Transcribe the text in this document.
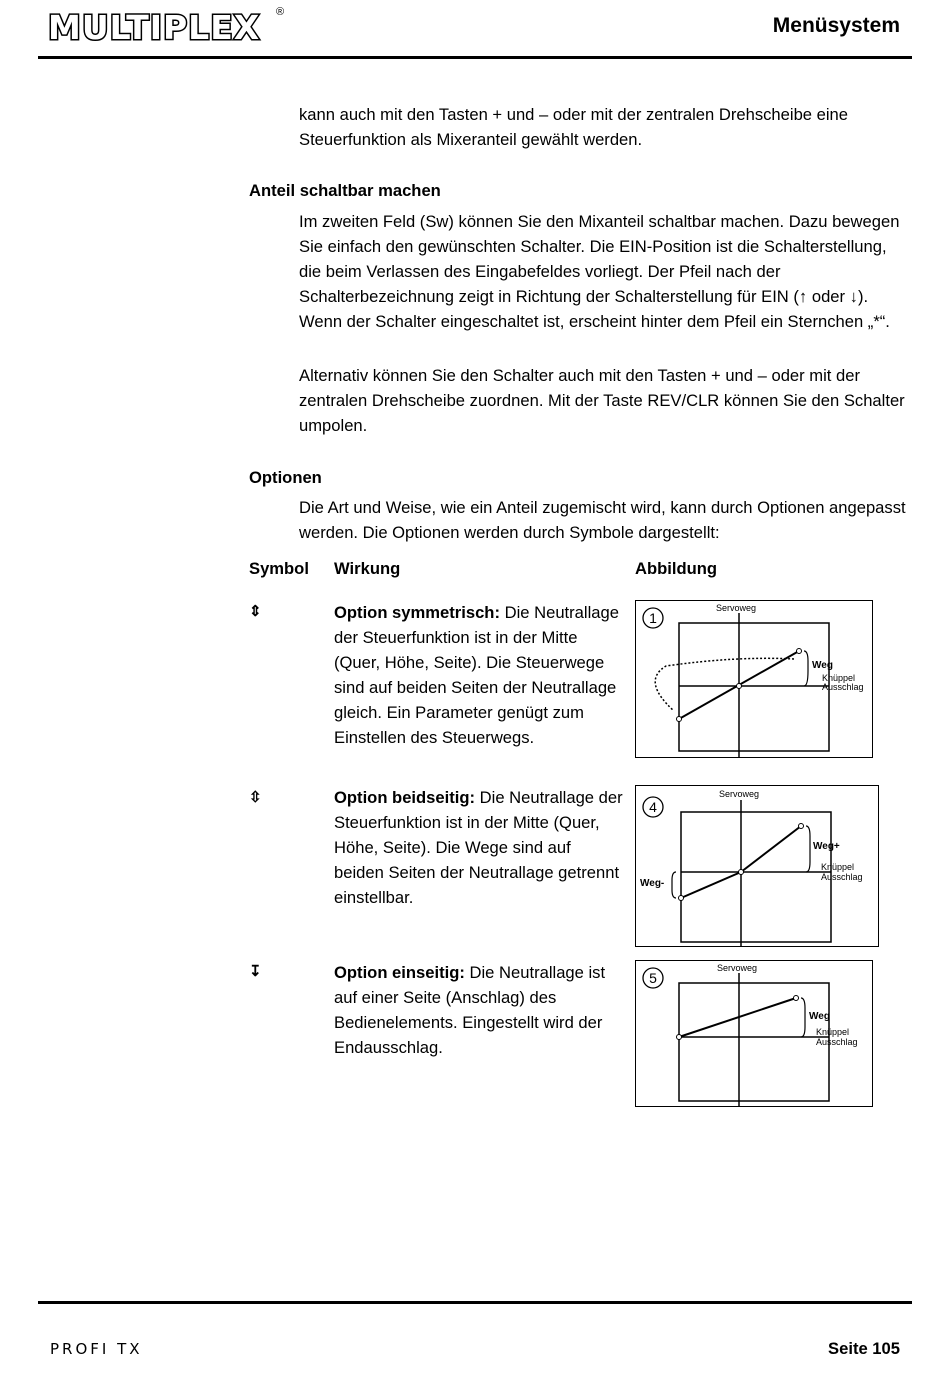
MULTIPLEX ®
Menüsystem
kann auch mit den Tasten + und – oder mit der zentralen Drehscheibe eine Steuerfunktion als Mixeranteil gewählt werden.
Anteil schaltbar machen
Im zweiten Feld (Sw) können Sie den Mixanteil schaltbar machen. Dazu bewegen Sie einfach den gewünschten Schalter. Die EIN-Position ist die Schalterstellung, die beim Verlassen des Eingabefeldes vorliegt. Der Pfeil nach der Schalterbezeichnung zeigt in Richtung der Schalterstellung für EIN (↑ oder ↓). Wenn der Schalter eingeschaltet ist, erscheint hinter dem Pfeil ein Sternchen „*“.
Alternativ können Sie den Schalter auch mit den Tasten + und – oder mit der zentralen Drehscheibe zuordnen. Mit der Taste REV/CLR können Sie den Schalter umpolen.
Optionen
Die Art und Weise, wie ein Anteil zugemischt wird, kann durch Optionen angepasst werden. Die Optionen werden durch Symbole dargestellt:
Symbol Wirkung	Abbildung
⇕	Option symmetrisch: Die Neutrallage der Steuerfunktion ist in der Mitte (Quer, Höhe, Seite). Die Steuerwege sind auf beiden Seiten der Neutrallage gleich. Ein Parameter genügt zum Einstellen des Steuerwegs.
1
Servoweg
Weg
Knüppel
Ausschlag
⇳	Option beidseitig: Die Neutrallage der Steuerfunktion ist in der Mitte (Quer, Höhe, Seite). Die Wege sind auf beiden Seiten der Neutrallage getrennt einstellbar.
4
Servoweg
Weg+
Weg-
Knüppel
Ausschlag
↧	Option einseitig: Die Neutrallage ist auf einer Seite (Anschlag) des Bedienelements. Eingestellt wird der Endausschlag.
5
Servoweg
Weg
Knüppel
Ausschlag
PROFI TX	Seite 105
